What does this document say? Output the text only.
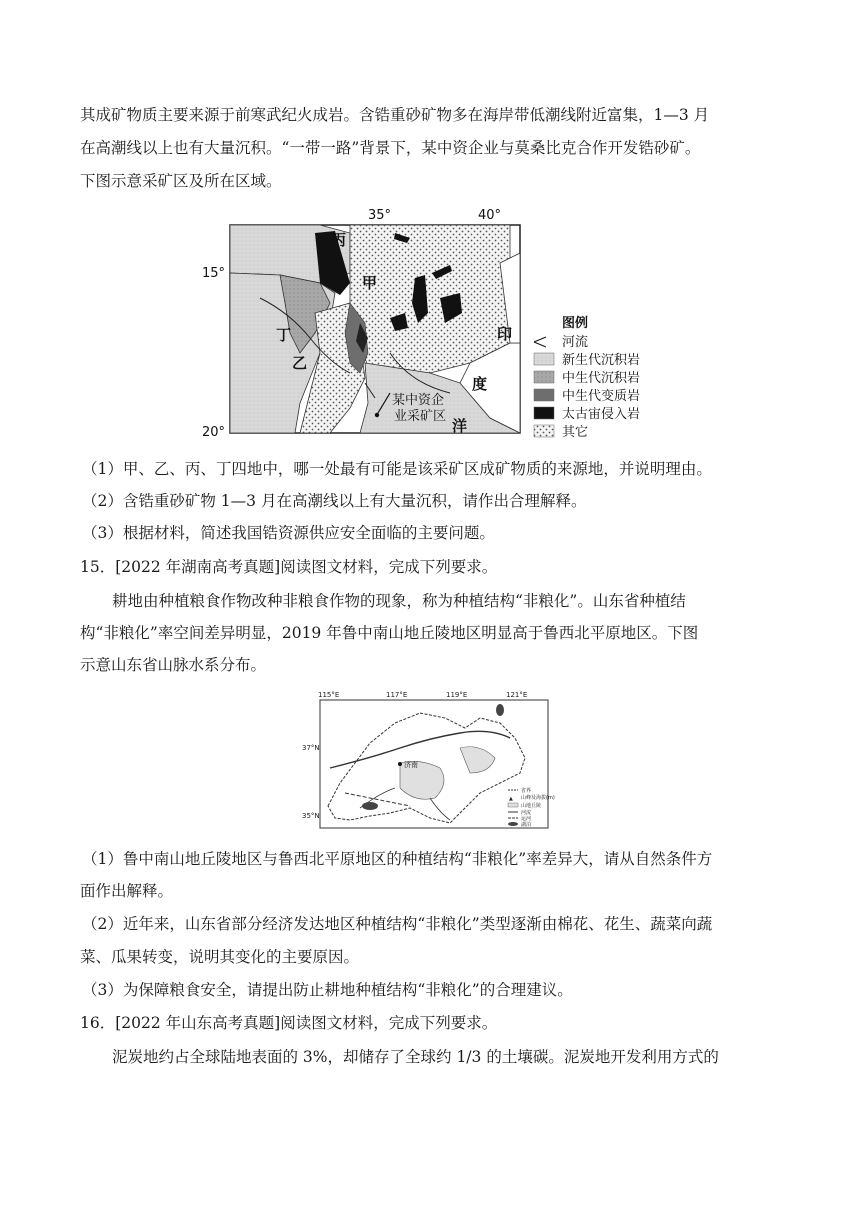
其成矿物质主要来源于前寒武纪火成岩。含锆重砂矿物多在海岸带低潮线附近富集，1—3 月
在高潮线以上也有大量沉积。“一带一路”背景下，某中资企业与莫桑比克合作开发锆砂矿。
下图示意采矿区及所在区域。
35°	40°
15°
20°
丙
甲
丁
乙
印
度
洋
某中资企
业采矿区
图例
河流
新生代沉积岩
中生代沉积岩
中生代变质岩
太古宙侵入岩
其它
（1）甲、乙、丙、丁四地中，哪一处最有可能是该采矿区成矿物质的来源地，并说明理由。
（2）含锆重砂矿物 1—3 月在高潮线以上有大量沉积，请作出合理解释。
（3）根据材料，简述我国锆资源供应安全面临的主要问题。
15．[2022 年湖南高考真题]阅读图文材料，完成下列要求。
耕地由种植粮食作物改种非粮食作物的现象，称为种植结构“非粮化”。山东省种植结
构“非粮化”率空间差异明显，2019 年鲁中南山地丘陵地区明显高于鲁西北平原地区。下图
示意山东省山脉水系分布。
115°E	117°E	119°E	121°E
37°N
35°N
济南
省界
▲ 山峰及海拔(m)
山地丘陵
河流
运河
湖泊
（1）鲁中南山地丘陵地区与鲁西北平原地区的种植结构“非粮化”率差异大，请从自然条件方
面作出解释。
（2）近年来，山东省部分经济发达地区种植结构“非粮化”类型逐渐由棉花、花生、蔬菜向蔬
菜、瓜果转变，说明其变化的主要原因。
（3）为保障粮食安全，请提出防止耕地种植结构“非粮化”的合理建议。
16．[2022 年山东高考真题]阅读图文材料，完成下列要求。
泥炭地约占全球陆地表面的 3%，却储存了全球约 1/3 的土壤碳。泥炭地开发利用方式的
